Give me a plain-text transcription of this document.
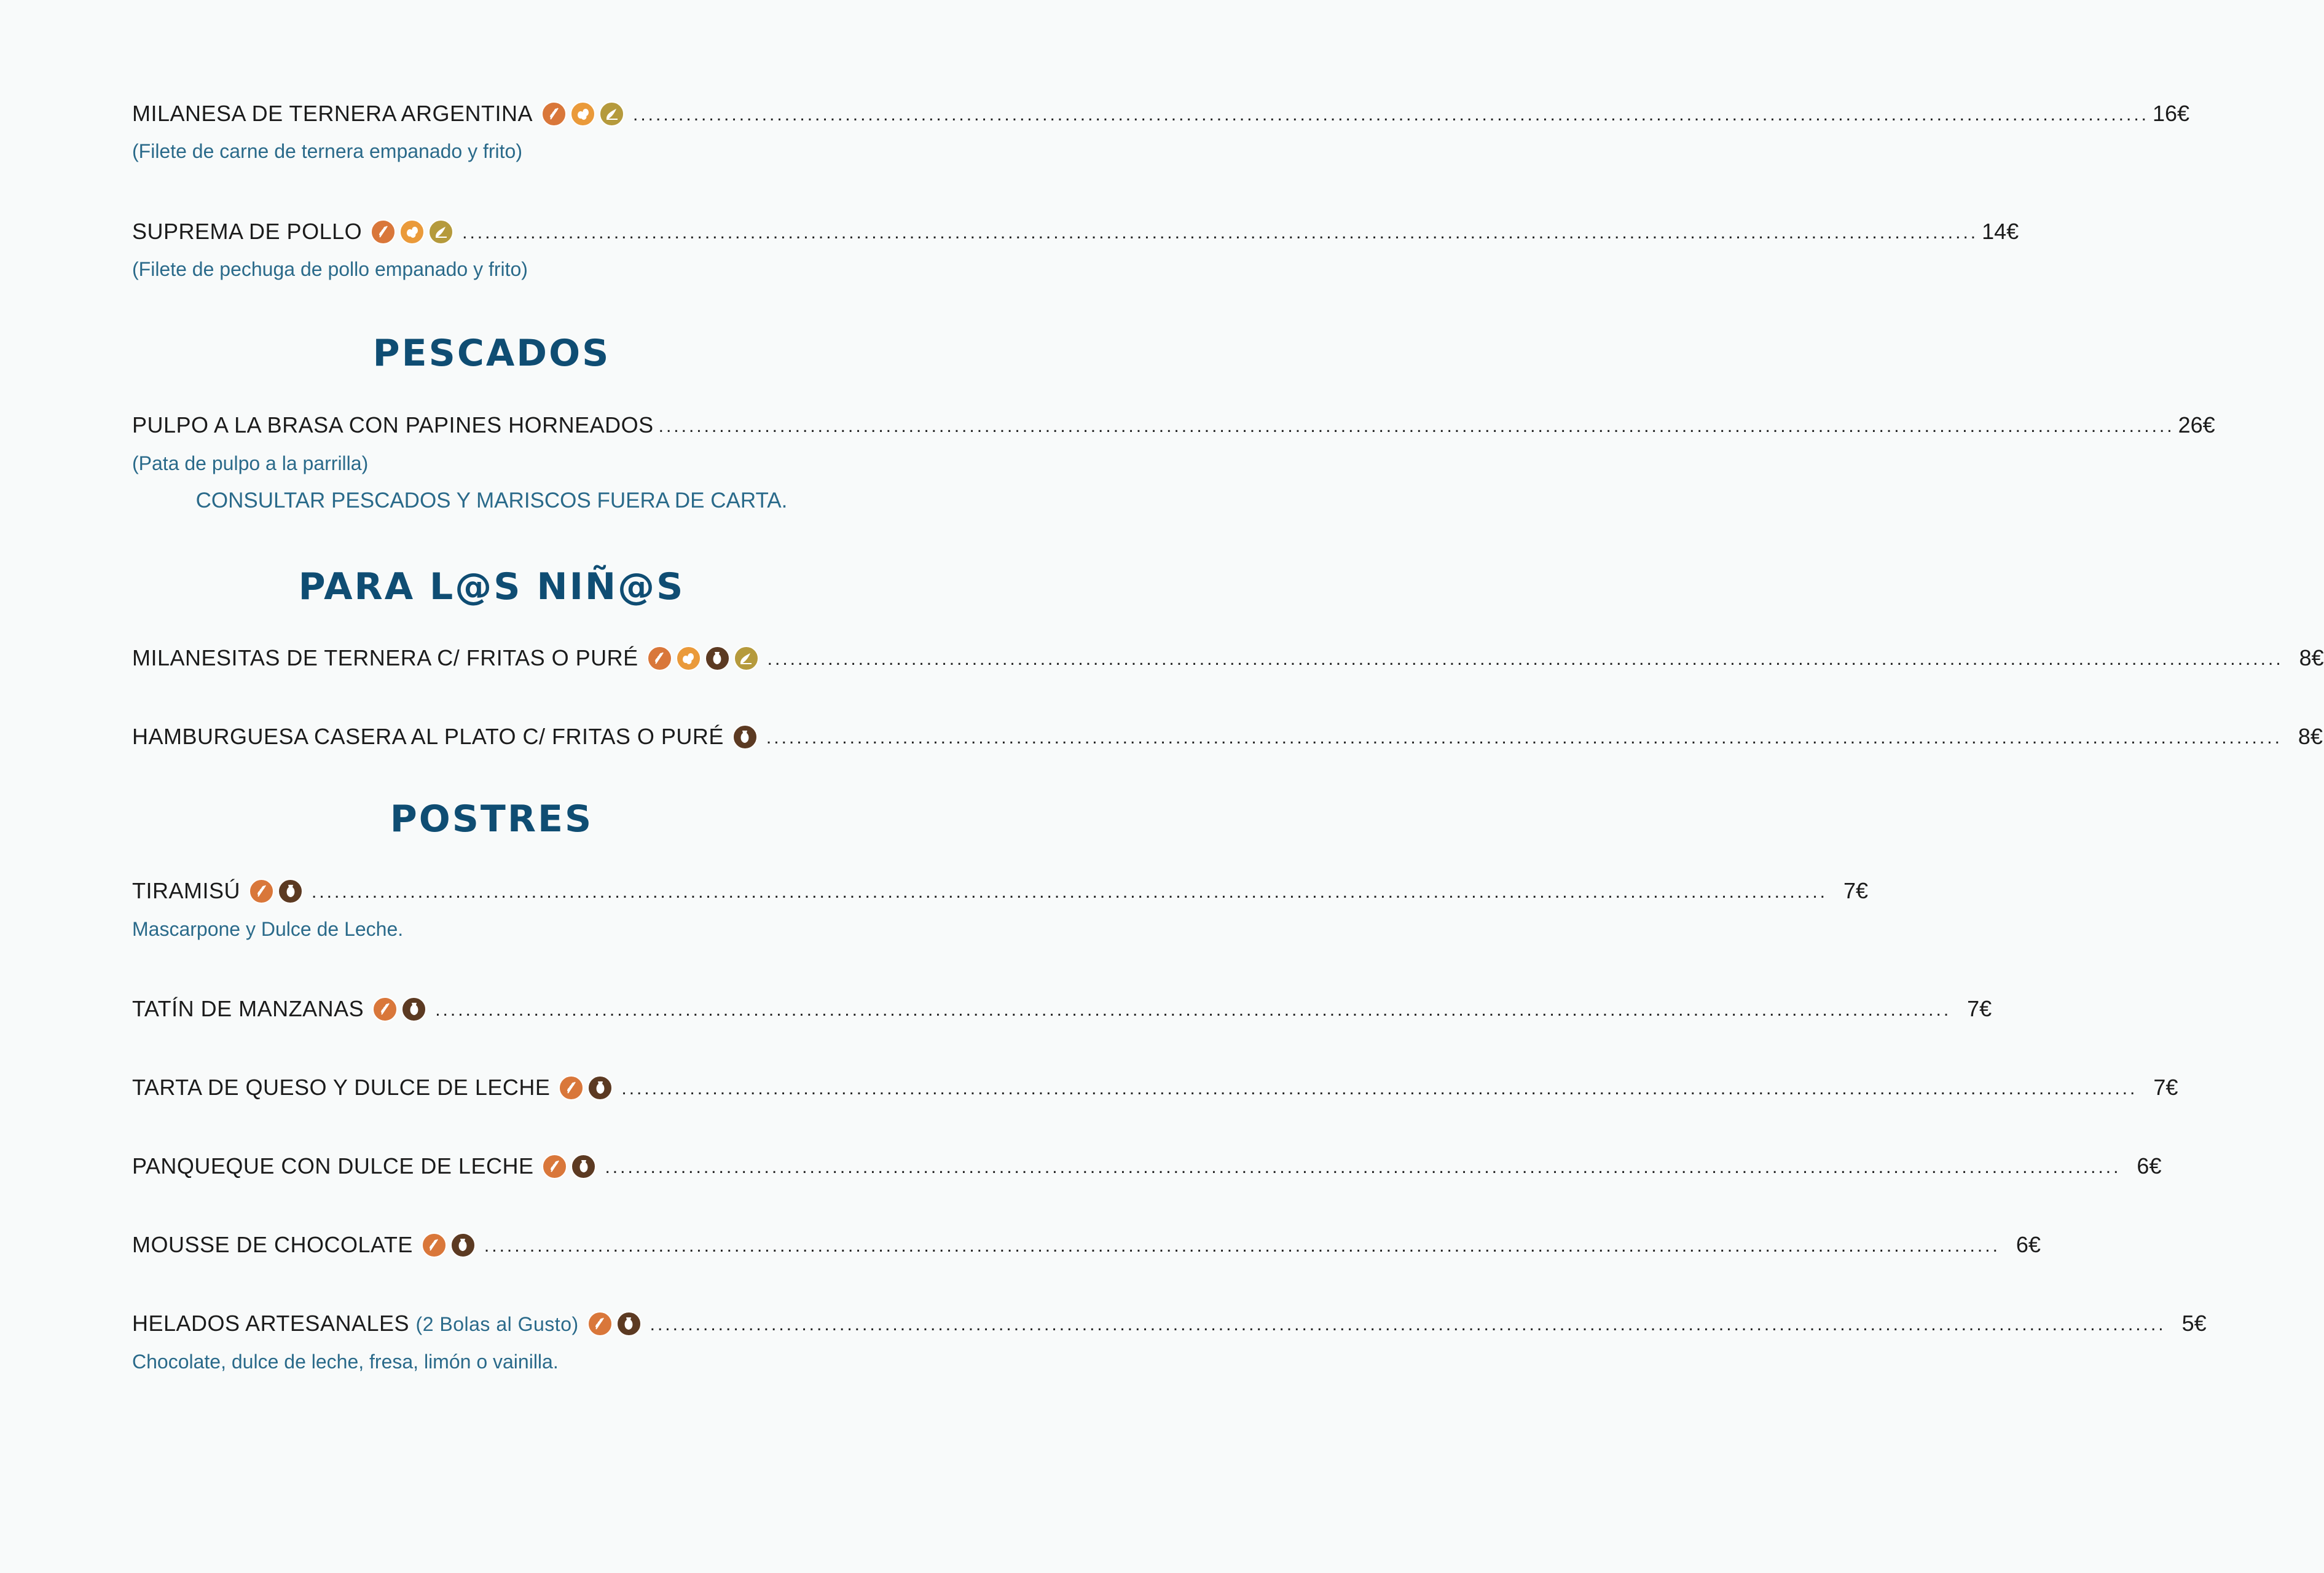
PESCADOS
CONSULTAR PESCADOS Y MARISCOS FUERA DE CARTA.
PARA L@S NIÑ@S
POSTRES
MILANESA DE TERNERA ARGENTINA	........................................................................................................................................................................................................ 16€
(Filete de carne de ternera empanado y frito)
SUPREMA DE POLLO	........................................................................................................................................................................................................ 14€
(Filete de pechuga de pollo empanado y frito)
PULPO A LA BRASA CON PAPINES HORNEADOS ........................................................................................................................................................................................................ 26€
(Pata de pulpo a la parrilla)
MILANESITAS DE TERNERA C/ FRITAS O PURÉ	........................................................................................................................................................................................................ 8€
HAMBURGUESA CASERA AL PLATO C/ FRITAS O PURÉ ........................................................................................................................................................................................................ 8€
TIRAMISÚ	........................................................................................................................................................................................................ 7€
Mascarpone y Dulce de Leche.
TATÍN DE MANZANAS	........................................................................................................................................................................................................ 7€
TARTA DE QUESO Y DULCE DE LECHE	........................................................................................................................................................................................................ 7€
PANQUEQUE CON DULCE DE LECHE	........................................................................................................................................................................................................ 6€
MOUSSE DE CHOCOLATE	........................................................................................................................................................................................................ 6€
HELADOS ARTESANALES (2 Bolas al Gusto)	........................................................................................................................................................................................................ 5€
Chocolate, dulce de leche, fresa, limón o vainilla.
